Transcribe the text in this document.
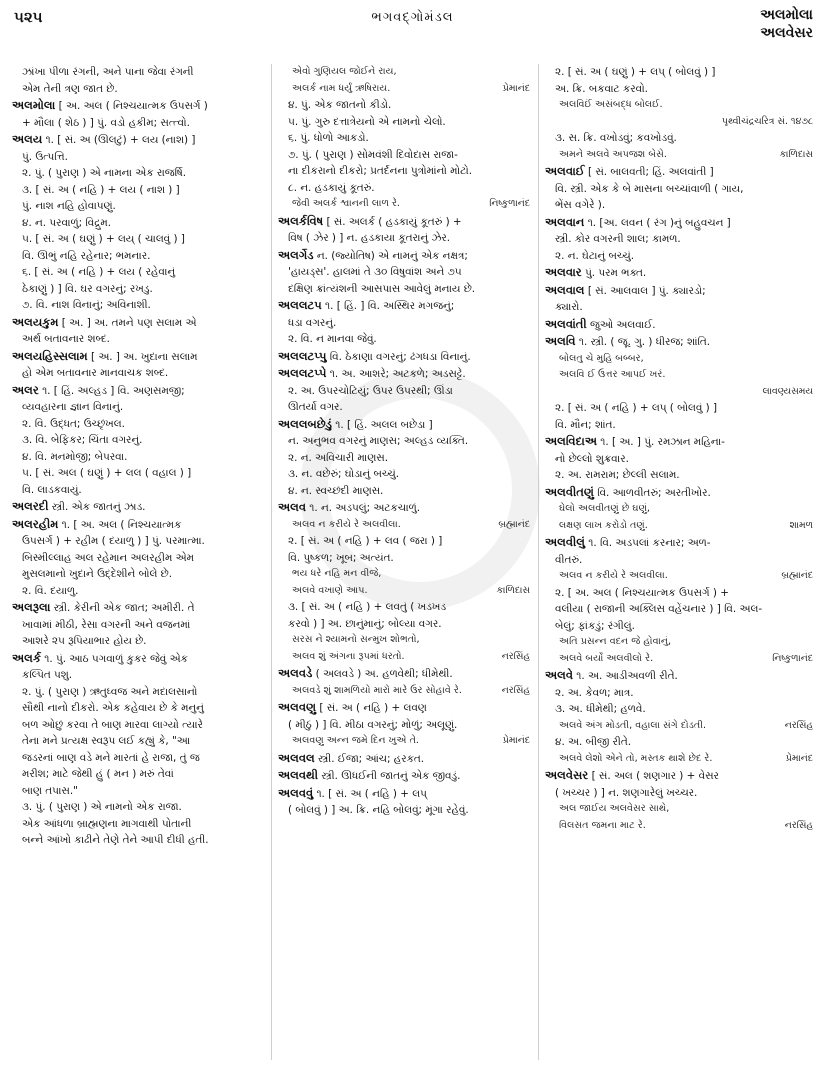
૫૨૫	ભગવદ્ગોમંડલ	અલમોલા
અલવેસર
ઝાંખા પીળા રંગની, અને પાના જેવા રંગની
એમ તેની ત્રણ જાત છે.
અલમોલા [ અ. અલ ( નિશ્ચયાત્મક ઉપસર્ગ )
+ મૌલા ( શેઠ ) ] પું. વડો હકીમ; સત્ત્વો.
અલય ૧. [ સં. અ (ઊલટું) + લય (નાશ) ]
પું. ઉત્પત્તિ.
૨. પું. ( પુરાણ ) એ નામના એક રાજર્ષિ.
૩. [ સં. અ ( નહિ ) + લય ( નાશ ) ]
પું. નાશ નહિ હોવાપણું.
૪. ન. પરવાળું; વિદ્રુમ.
૫. [ સં. અ ( ઘણું ) + લય્ ( ચાલવું ) ]
વિ. ઊભું નહિ રહેનાર; ભમનાર.
૬. [ સં. અ ( નહિ ) + લય ( રહેવાનું
ઠેકાણું ) ] વિ. ઘર વગરનું; રખડુ.
૭. વિ. નાશ વિનાનું; અવિનાશી.
અલયકુમ [ અ. ] અ. તમને પણ સલામ એ
અર્થ બતાવનાર શબ્દ.
અલયહિસ્સલામ [ અ. ] અ. ખુદાના સલામ
હો એમ બતાવનાર માનવાચક શબ્દ.
અલર ૧. [ હિં. અલ્હડ ] વિ. અણસમજી;
વ્યવહારના જ્ઞાન વિનાનું.
૨. વિ. ઉદ્ધત; ઉચ્છૃંખલ.
૩. વિ. બેફિકર; ચિંતા વગરનું.
૪. વિ. મનમોજી; બેપરવા.
૫. [ સં. અલ ( ઘણું ) + લલ ( વહાલ ) ]
વિ. લાડકવાયું.
અલરદી સ્ત્રી. એક જાતનું ઝાડ.
અલરહીમ ૧. [ અ. અલ ( નિશ્ચયાત્મક
ઉપસર્ગ ) + રહીમ ( દયાળુ ) ] પું. પરમાત્મા.
બિસ્મીલ્લાહ અલ રહેમાન અલરહીમ એમ
મુસલમાનો ખુદાને ઉદ્દેશીને બોલે છે.
૨. વિ. દયાળુ.
અલરૂલા સ્ત્રી. કેરીની એક જાત; અમીરી. તે
ખાવામાં મીઠી, રેસા વગરની અને વજનમાં
આશરે ૨૫ રૂપિયાભાર હોય છે.
અલર્ક ૧. પું. આઠ પગવાળું કુકર જેવું એક
કલ્પિત પશુ.
૨. પું. ( પુરાણ ) ઋતુધ્વજ અને મદાલસાનો
સૌથી નાનો દીકરો. એક કહેવાય છે કે મનુનું
બળ ઓછું કરવા તે બાણ મારવા લાગ્યો ત્યારે
તેના મને પ્રત્યક્ષ સ્વરૂપ લઈ કહ્યું કે, "આ
જડરનાં બાણ વડે મને મારતાં હે રાજા, તું જ
મરીશ; માટે જેથી હું ( મન ) મરું તેવાં
બાણ તપાસ."
૩. પું. ( પુરાણ ) એ નામનો એક રાજા.
એક આંધળા બ્રાહ્મણના માગવાથી પોતાની
બન્ને આંખો કાઢીને તેણે તેને આપી દીધી હતી.
એવો ગુણિયલ જોઈને રાય,
પ્રેમાનંદ
અલર્ક નામ ધર્યું ઋષિરાય.
૪. પું. એક જાતનો કીડો.
૫. પું. ગુરુ દત્તાત્રેયનો એ નામનો ચેલો.
૬. પું. ધોળો આકડો.
૭. પું. ( પુરાણ ) સોમવંશી દિવોદાસ રાજા-
ના દીકરાનો દીકરો; પ્રતર્દનના પુત્રોમાંનો મોટો.
૮. ન. હડકાયું કૂતરું.
નિષ્કુળાનંદ
જેવી અલર્ક શ્વાનની લાળ રે.
અલર્કવિષ [ સં. અલર્ક ( હડકાયું કૂતરું ) +
વિષ ( ઝેર ) ] ન. હડકાયા કૂતરાનું ઝેર.
અલર્ગેડ ન. (જ્યોતિષ) એ નામનું એક નક્ષત્ર;
'હાયડ્સ'. હાલમાં તે ૩૦ વિષુવાંશ અને ૭૫
દક્ષિણ ક્રાંત્યંશની આસપાસ આવેલું મનાય છે.
અલલટપ ૧. [ હિં. ] વિ. અસ્થિર મગજનું;
ધડા વગરનું.
૨. વિ. ન માનવા જેવું.
અલલટપ્પુ વિ. ઠેકાણા વગરનું; ઢંગધડા વિનાનું.
અલલટપ્પે ૧. અ. આશરે; અટકળે; અડસટ્ટે.
૨. અ. ઉપરચોટિયું; ઉપર ઉપરથી; ઊંડા
ઊતર્યા વગર.
અલલબછેડું ૧. [ હિં. અલલ બછેડા ]
ન. અનુભવ વગરનું માણસ; અલ્હડ વ્યક્તિ.
૨. ન. અવિચારી માણસ.
૩. ન. વછેરું; ઘોડાનું બચ્ચું.
૪. ન. સ્વચ્છંદી માણસ.
અલવ ૧. ન. અડપલું; અટકચાળું.
બ્રહ્માનંદ
અલવ ન કરીયે રે અલવીલા.
૨. [ સં. અ ( નહિ ) + લવ ( જરા ) ]
વિ. પુષ્કળ; ખૂબ; અત્યંત.
ભય ધરે નહિ મન વીજે,
કાળિદાસ
અલવે વખાણે આપ.
૩. [ સં. અ ( નહિ ) + લવતું ( ખડખડ
કરવો ) ] અ. છાનુંમાનું; બોલ્યા વગર.
સરસ ને શ્યામનો સન્મુખ શોભતો,
નરસિંહ
અલવ શું અંગના રૂપમાં ધરતો.
અલવડે ( અલવડે ) અ. હળવેથી; ધીમેથી.
નરસિંહ
અલવડે શું શામળિયો મારો મારે ઉર સોહાવે રે.
અલવણુ [ સં. અ ( નહિ ) + લવણ
( મીઠું ) ] વિ. મીઠા વગરનું; મોળું; અલૂણું.
પ્રેમાનંદ
અલવણુ અન્ન જમે દિન ખુએ તે.
અલવલ સ્ત્રી. ઈજા; આંચ; હરકત.
અલવથી સ્ત્રી. ઊધઈની જાતનું એક જીવડું.
અલવવું ૧. [ સં. અ ( નહિ ) + લપ્
( બોલવું ) ] અ. ક્રિ. નહિ બોલવું; મૂંગા રહેવું.
૨. [ સં. અ ( ઘણું ) + લપ્ ( બોલવું ) ]
અ. ક્રિ. બકવાટ કરવો.
અલવિઈં અસંબદ્ધ બોલઈ.
પૃથ્વીચંદ્રચરિત્ર સં. ૧૪૭૮
૩. સ. ક્રિ. વખોડવું; કવખોડવું.
કાળિદાસ
અમને અલવે અપજશ બેસે.
અલવાઈ [ સં. બાલવતી; હિં. અલવાંતી ]
વિ. સ્ત્રી. એક કે બે માસના બચ્ચાંવાળી ( ગાય,
ભેંસ વગેરે ).
અલવાન ૧. [અ. લવન ( રંગ )નું બહુવચન ]
સ્ત્રી. કોર વગરની શાલ; કામળ.
૨. ન. ઘેટાનું બચ્ચું.
અલવાર પું. પરમ ભક્ત.
અલવાલ [ સં. આલવાલ ] પું. ક્યારડો;
ક્યારો.
અલવાંતી જુઓ અલવાઈ.
અલવિ ૧. સ્ત્રી. ( જૂ. ગુ. ) ધીરજ; શાંતિ.
બોલતુ ચે મુહિ બબ્બર,
અલવિ ઈ ઉત્તર આપઈ ખરં.
લાવણ્યસમય
૨. [ સં. અ ( નહિ ) + લપ્ ( બોલવું ) ]
વિ. મૌન; શાંત.
અલવિદાઅ ૧. [ અ. ] પું. રમઝાન મહિના-
નો છેલ્લો શુક્રવાર.
૨. અ. રામરામ; છેલ્લી સલામ.
અલવીતણું વિ. આળવીતરું; અરતીખોર.
ઘેલો અલવીતણું છે ઘણું,
શામળ
લક્ષણ લાખ કરોડો તણું.
અલવીલું ૧. વિ. અડપલાં કરનાર; અળ-
વીતરું.
બ્રહ્માનંદ
અલવ ન કરીયે રે અલવીલા.
૨. [ અ. અલ ( નિશ્ચયાત્મક ઉપસર્ગ ) +
વલીયા ( રાજાની અક્લિસ વહેંચનાર ) ] વિ. અલ-
બેલું; ફાંકડું; રંગીલું.
અતિ પ્રસન્ન વદન જે હોવાનું,
નિષ્કુળાનંદ
અલવે બર્યો અલવીલો રે.
અલવે ૧. અ. આડીઅવળી રીતે.
૨. અ. કેવળ; માત્ર.
૩. અ. ધીમેથી; હળવે.
નરસિંહ
અલવે અંગ મોડતી, વહાલા સંગે દોડતી.
૪. અ. બીજી રીતે.
પ્રેમાનંદ
અલવે લેશો એને તો, મસ્તક થાશે છેદ રે.
અલવેસર [ સં. અલ ( શણગાર ) + વેસર
( ખચ્ચર ) ] ન. શણગારેલું ખચ્ચર.
અલ જાઈય અલવેસર સાથે,
નરસિંહ
વિલસત જમના માટ રે.
